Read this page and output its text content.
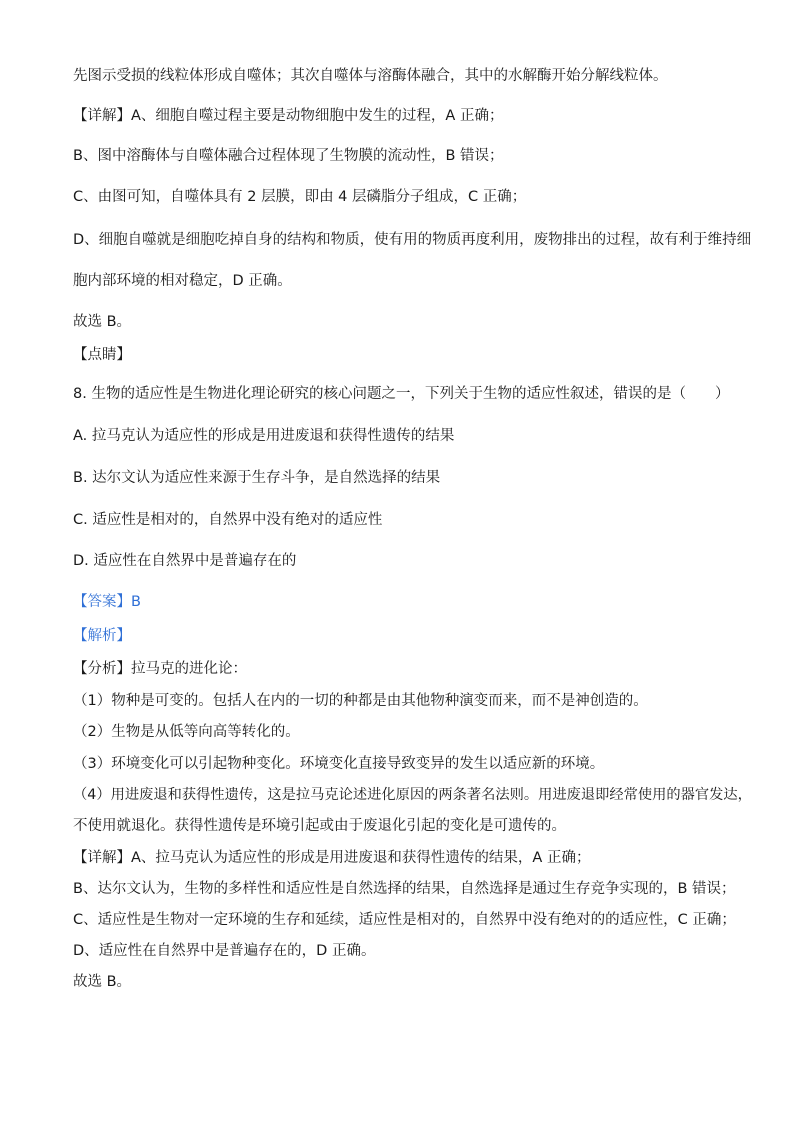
先图示受损的线粒体形成自噬体；其次自噬体与溶酶体融合，其中的水解酶开始分解线粒体。
【详解】A、细胞自噬过程主要是动物细胞中发生的过程，A 正确；
B、图中溶酶体与自噬体融合过程体现了生物膜的流动性，B 错误；
C、由图可知，自噬体具有 2 层膜，即由 4 层磷脂分子组成，C 正确；
D、细胞自噬就是细胞吃掉自身的结构和物质，使有用的物质再度利用，废物排出的过程，故有利于维持细
胞内部环境的相对稳定，D 正确。
故选 B。
【点睛】
8. 生物的适应性是生物进化理论研究的核心问题之一，下列关于生物的适应性叙述，错误的是（　　）
A. 拉马克认为适应性的形成是用进废退和获得性遗传的结果
B. 达尔文认为适应性来源于生存斗争，是自然选择的结果
C. 适应性是相对的，自然界中没有绝对的适应性
D. 适应性在自然界中是普遍存在的
【答案】B
【解析】
【分析】拉马克的进化论：
（1）物种是可变的。包括人在内的一切的种都是由其他物种演变而来，而不是神创造的。
（2）生物是从低等向高等转化的。
（3）环境变化可以引起物种变化。环境变化直接导致变异的发生以适应新的环境。
（4）用进废退和获得性遗传，这是拉马克论述进化原因的两条著名法则。用进废退即经常使用的器官发达，
不使用就退化。获得性遗传是环境引起或由于废退化引起的变化是可遗传的。
【详解】A、拉马克认为适应性的形成是用进废退和获得性遗传的结果，A 正确；
B、达尔文认为，生物的多样性和适应性是自然选择的结果，自然选择是通过生存竞争实现的，B 错误；
C、适应性是生物对一定环境的生存和延续，适应性是相对的，自然界中没有绝对的的适应性，C 正确；
D、适应性在自然界中是普遍存在的，D 正确。
故选 B。
